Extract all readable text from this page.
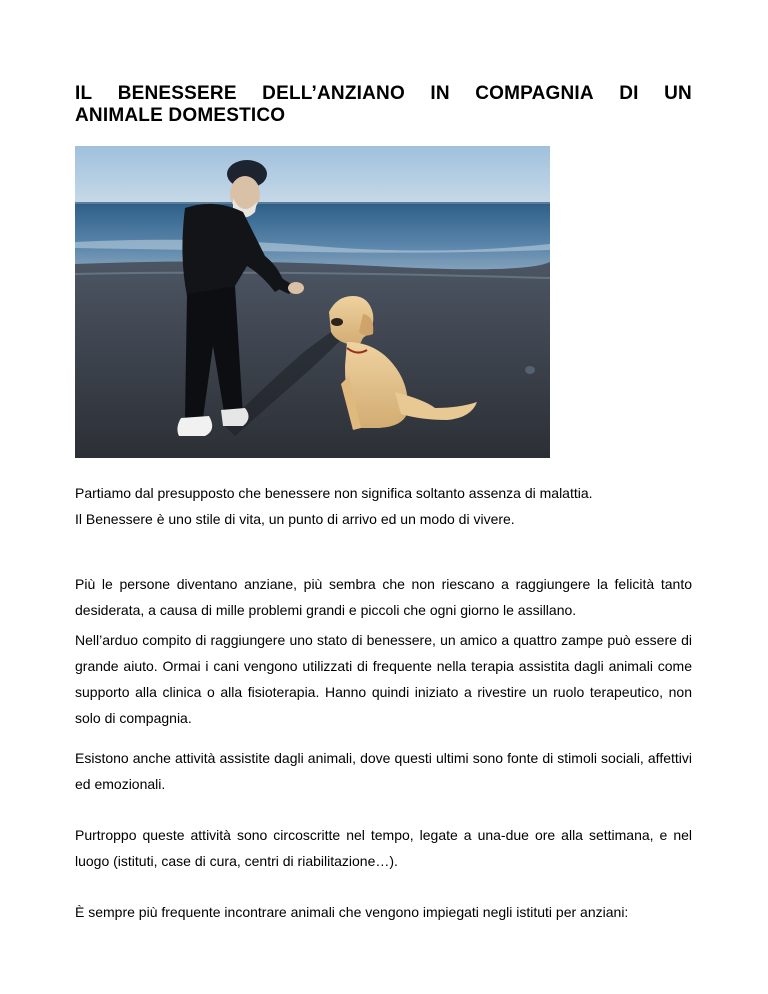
IL BENESSERE DELL’ANZIANO IN COMPAGNIA DI UN
ANIMALE DOMESTICO
Partiamo dal presupposto che benessere non significa soltanto assenza di malattia.
Il Benessere è uno stile di vita, un punto di arrivo ed un modo di vivere.

Più le persone diventano anziane, più sembra che non riescano a raggiungere la felicità tanto desiderata, a causa di mille problemi grandi e piccoli che ogni giorno le assillano.

Nell’arduo compito di raggiungere uno stato di benessere, un amico a quattro zampe può essere di grande aiuto. Ormai i cani vengono utilizzati di frequente nella terapia assistita dagli animali come supporto alla clinica o alla fisioterapia. Hanno quindi iniziato a rivestire un ruolo terapeutico, non solo di compagnia.

Esistono anche attività assistite dagli animali, dove questi ultimi sono fonte di stimoli sociali, affettivi ed emozionali.

Purtroppo queste attività sono circoscritte nel tempo, legate a una-due ore alla settimana, e nel luogo (istituti, case di cura, centri di riabilitazione…).

È sempre più frequente incontrare animali che vengono impiegati negli istituti per anziani:
